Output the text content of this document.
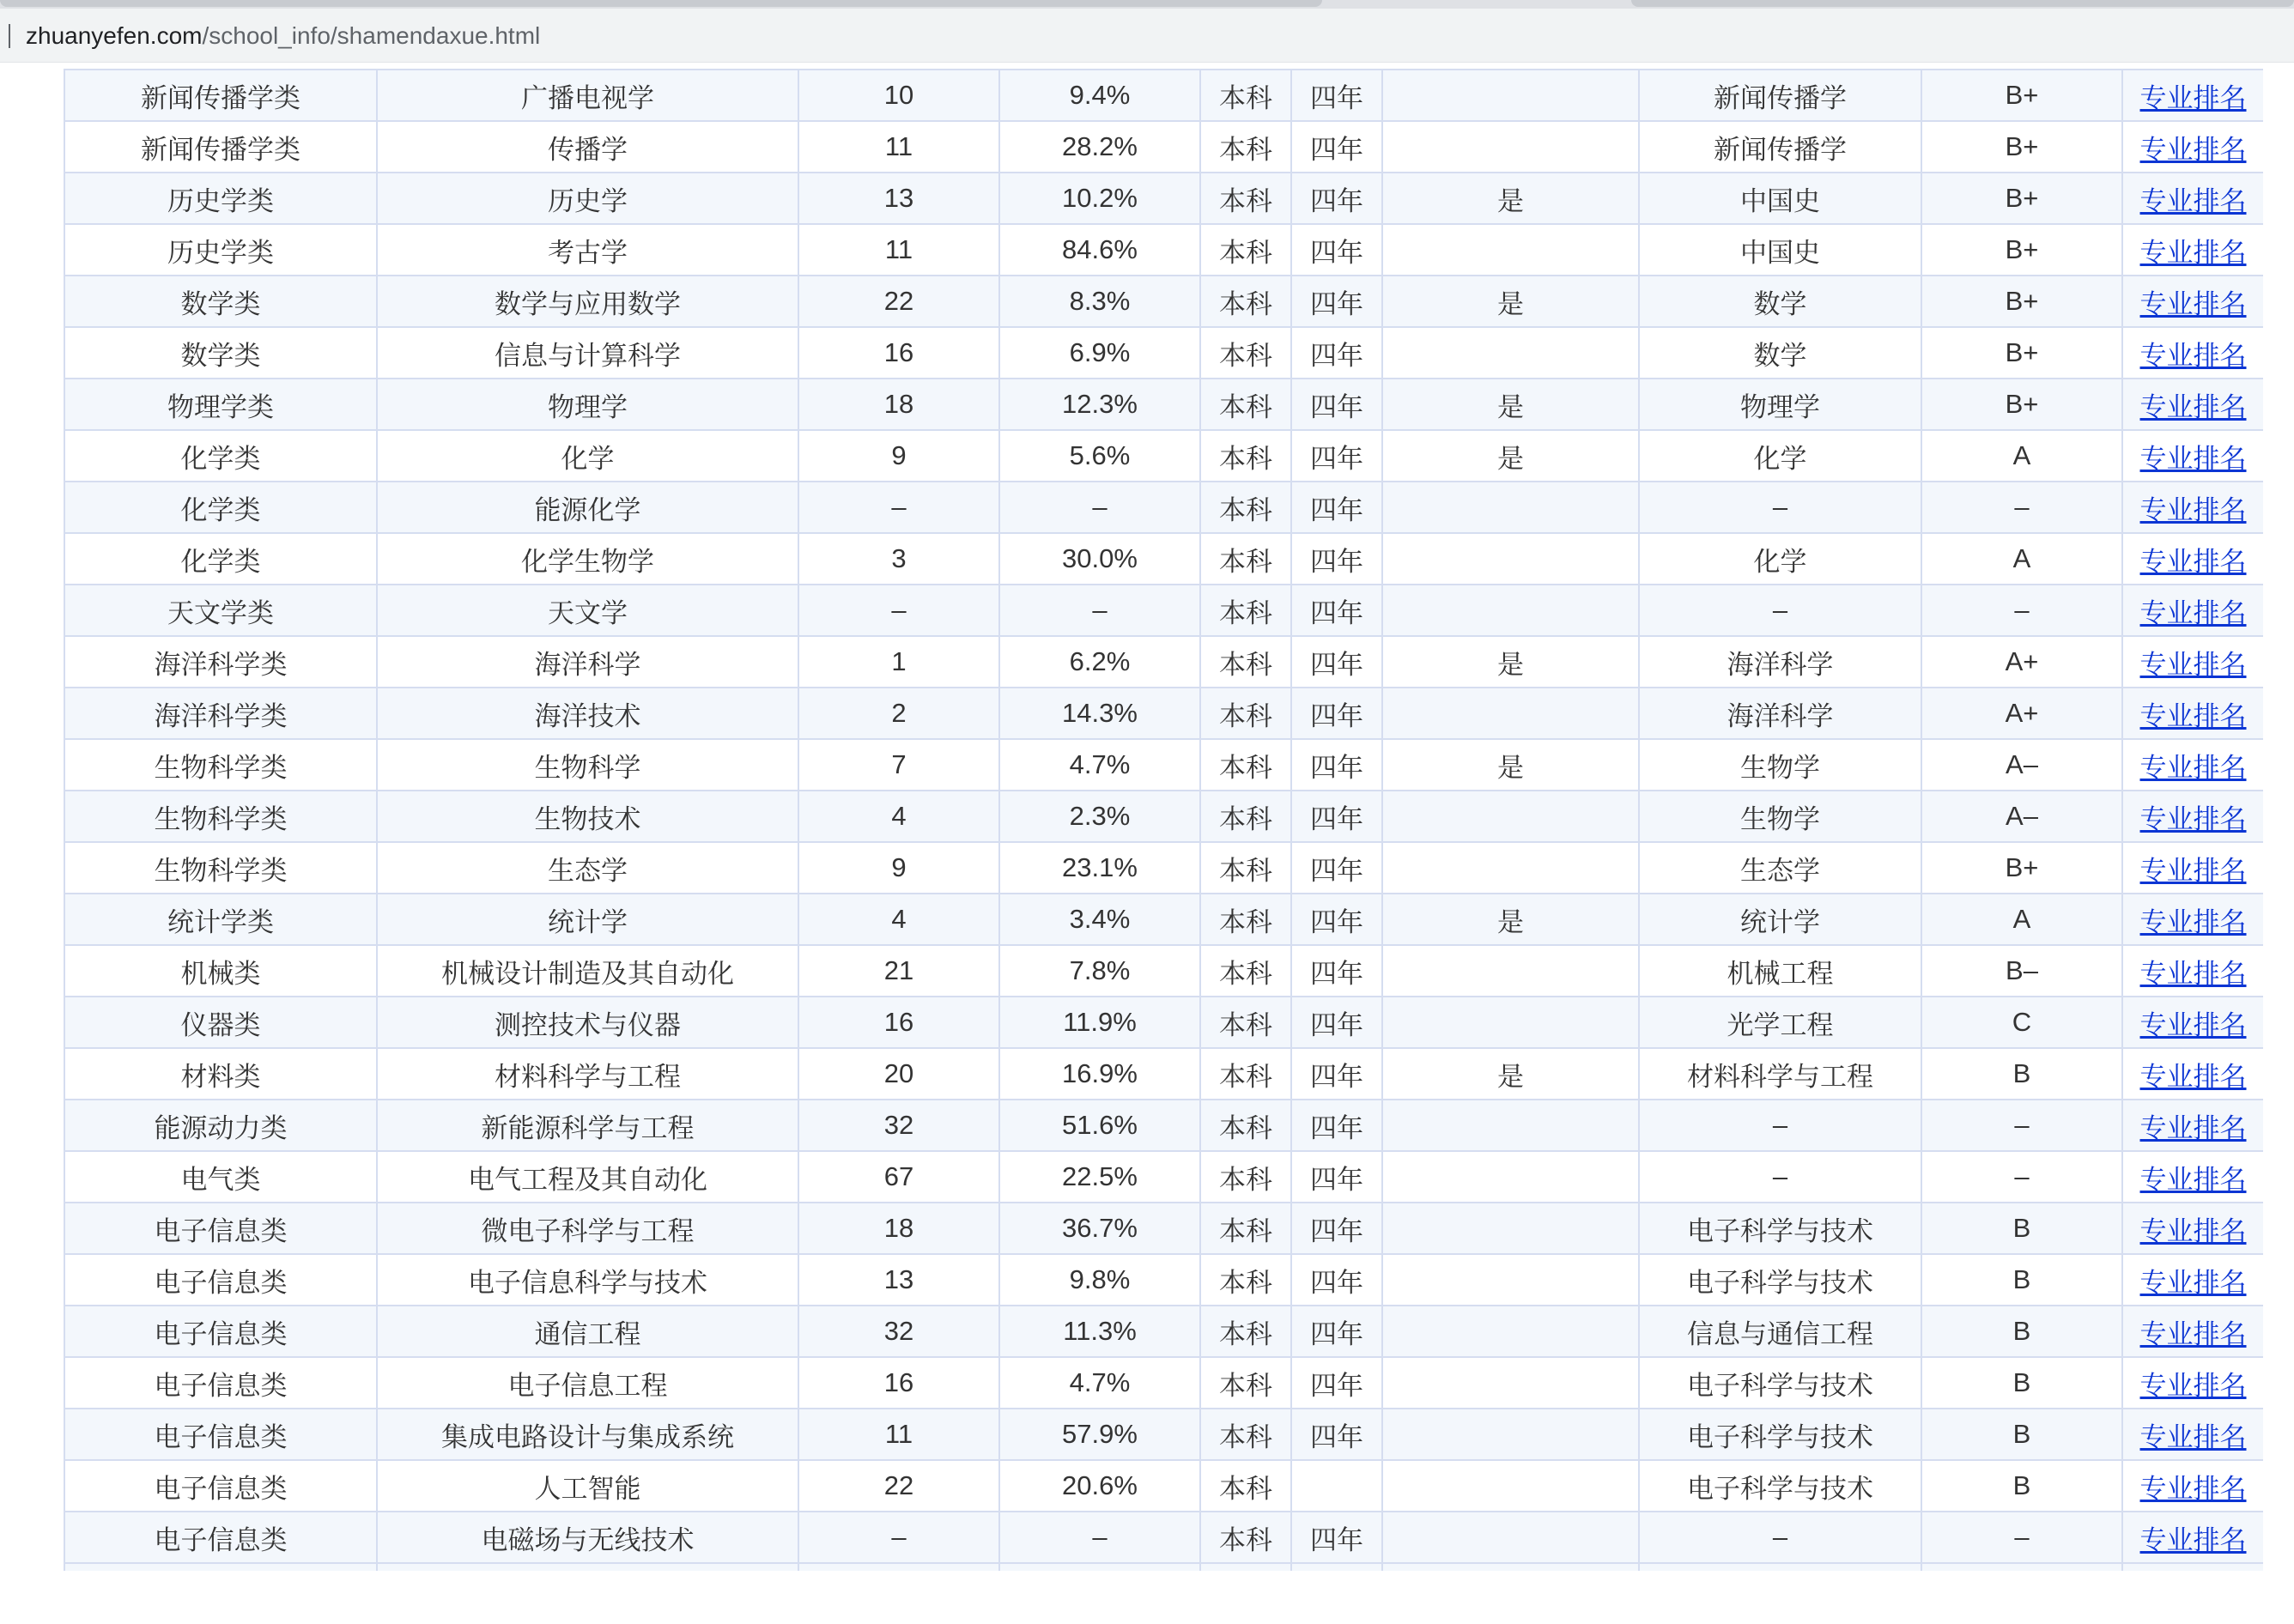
zhuanyefen.com/school_info/shamendaxue.html
新闻传播学类	广播电视学	10	9.4%	本科	四年		新闻传播学	B+	专业排名
新闻传播学类	传播学	11	28.2%	本科	四年		新闻传播学	B+	专业排名
历史学类	历史学	13	10.2%	本科	四年	是	中国史	B+	专业排名
历史学类	考古学	11	84.6%	本科	四年		中国史	B+	专业排名
数学类	数学与应用数学	22	8.3%	本科	四年	是	数学	B+	专业排名
数学类	信息与计算科学	16	6.9%	本科	四年		数学	B+	专业排名
物理学类	物理学	18	12.3%	本科	四年	是	物理学	B+	专业排名
化学类	化学	9	5.6%	本科	四年	是	化学	A	专业排名
化学类	能源化学	–	–	本科	四年		–	–	专业排名
化学类	化学生物学	3	30.0%	本科	四年		化学	A	专业排名
天文学类	天文学	–	–	本科	四年		–	–	专业排名
海洋科学类	海洋科学	1	6.2%	本科	四年	是	海洋科学	A+	专业排名
海洋科学类	海洋技术	2	14.3%	本科	四年		海洋科学	A+	专业排名
生物科学类	生物科学	7	4.7%	本科	四年	是	生物学	A–	专业排名
生物科学类	生物技术	4	2.3%	本科	四年		生物学	A–	专业排名
生物科学类	生态学	9	23.1%	本科	四年		生态学	B+	专业排名
统计学类	统计学	4	3.4%	本科	四年	是	统计学	A	专业排名
机械类	机械设计制造及其自动化	21	7.8%	本科	四年		机械工程	B–	专业排名
仪器类	测控技术与仪器	16	11.9%	本科	四年		光学工程	C	专业排名
材料类	材料科学与工程	20	16.9%	本科	四年	是	材料科学与工程	B	专业排名
能源动力类	新能源科学与工程	32	51.6%	本科	四年		–	–	专业排名
电气类	电气工程及其自动化	67	22.5%	本科	四年		–	–	专业排名
电子信息类	微电子科学与工程	18	36.7%	本科	四年		电子科学与技术	B	专业排名
电子信息类	电子信息科学与技术	13	9.8%	本科	四年		电子科学与技术	B	专业排名
电子信息类	通信工程	32	11.3%	本科	四年		信息与通信工程	B	专业排名
电子信息类	电子信息工程	16	4.7%	本科	四年		电子科学与技术	B	专业排名
电子信息类	集成电路设计与集成系统	11	57.9%	本科	四年		电子科学与技术	B	专业排名
电子信息类	人工智能	22	20.6%	本科			电子科学与技术	B	专业排名
电子信息类	电磁场与无线技术	–	–	本科	四年		–	–	专业排名
